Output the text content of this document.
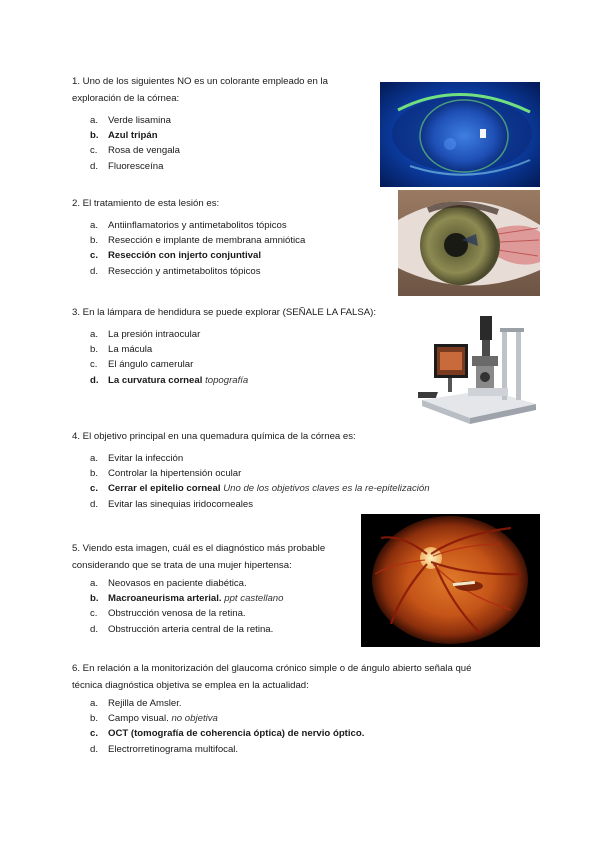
1. Uno de los siguientes NO es un colorante empleado en la
exploración de la córnea:

a. Verde lisamina
b. Azul tripán
c. Rosa de vengala
d. Fluoresceína

2. El tratamiento de esta lesión es:

a. Antiinflamatorios y antimetabolitos tópicos
b. Resección e implante de membrana amniótica
c. Resección con injerto conjuntival
d. Resección y antimetabolitos tópicos

3. En la lámpara de hendidura se puede explorar (SEÑALE LA FALSA):

a. La presión intraocular
b. La mácula
c. El ángulo camerular
d. La curvatura corneal topografía

4. El objetivo principal en una quemadura química de la córnea es:

a. Evitar la infección
b. Controlar la hipertensión ocular
c. Cerrar el epitelio corneal Uno de los objetivos claves es la re-epitelización
d. Evitar las sinequias iridocorneales

5. Viendo esta imagen, cuál es el diagnóstico más probable
considerando que se trata de una mujer hipertensa:

a. Neovasos en paciente diabética.
b. Macroaneurisma arterial. ppt castellano
c. Obstrucción venosa de la retina.
d. Obstrucción arteria central de la retina.

6. En relación a la monitorización del glaucoma crónico simple o de ángulo abierto señala qué
técnica diagnóstica objetiva se emplea en la actualidad:

a. Rejilla de Amsler.
b. Campo visual. no objetiva
c. OCT (tomografía de coherencia óptica) de nervio óptico.
d. Electrorretinograma multifocal.
